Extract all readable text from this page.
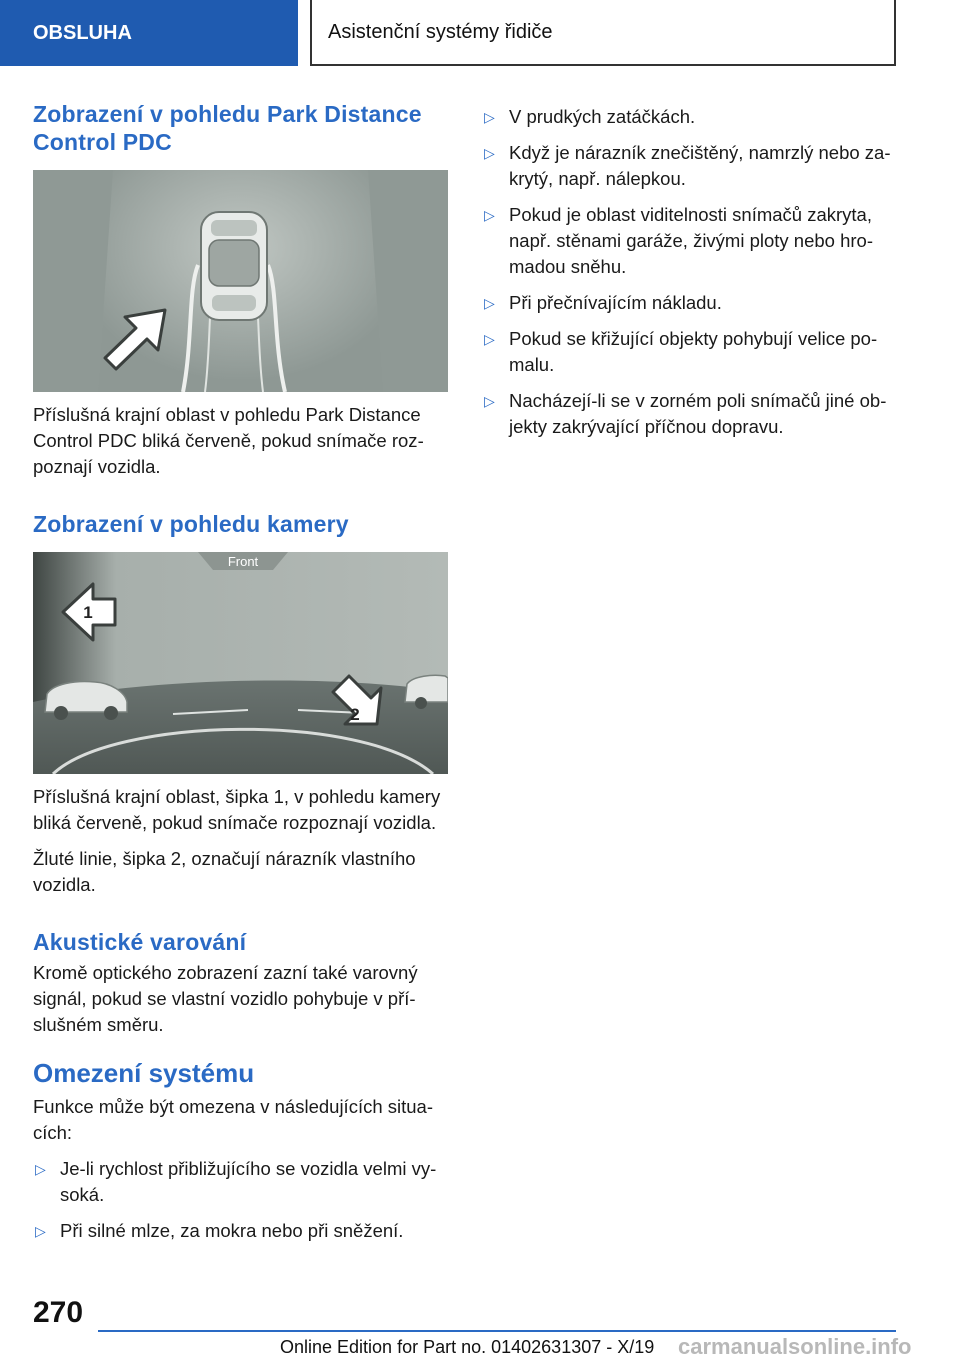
OBSLUHA	Asistenční systémy řidiče
Zobrazení v pohledu Park Distance Control PDC

Příslušná krajní oblast v pohledu Park Distance Control PDC bliká červeně, pokud snímače rozpoznají vozidla.

Zobrazení v pohledu kamery
Front
1
2

Příslušná krajní oblast, šipka 1, v pohledu kamery bliká červeně, pokud snímače rozpoznají vozidla.

Žluté linie, šipka 2, označují nárazník vlastního vozidla.

Akustické varování

Kromě optického zobrazení zazní také varovný signál, pokud se vlastní vozidlo pohybuje v příslušném směru.

Omezení systému

Funkce může být omezena v následujících situacích:

▷ Je-li rychlost přibližujícího se vozidla velmi vysoká.
▷ Při silné mlze, za mokra nebo při sněžení.
▷ V prudkých zatáčkách.
▷ Když je nárazník znečištěný, namrzlý nebo zakrytý, např. nálepkou.
▷ Pokud je oblast viditelnosti snímačů zakryta, např. stěnami garáže, živými ploty nebo hromadou sněhu.
▷ Při přečnívajícím nákladu.
▷ Pokud se křižující objekty pohybují velice pomalu.
▷ Nacházejí-li se v zorném poli snímačů jiné objekty zakrývající příčnou dopravu.
270
Online Edition for Part no. 01402631307 - X/19 carmanualsonline.info
